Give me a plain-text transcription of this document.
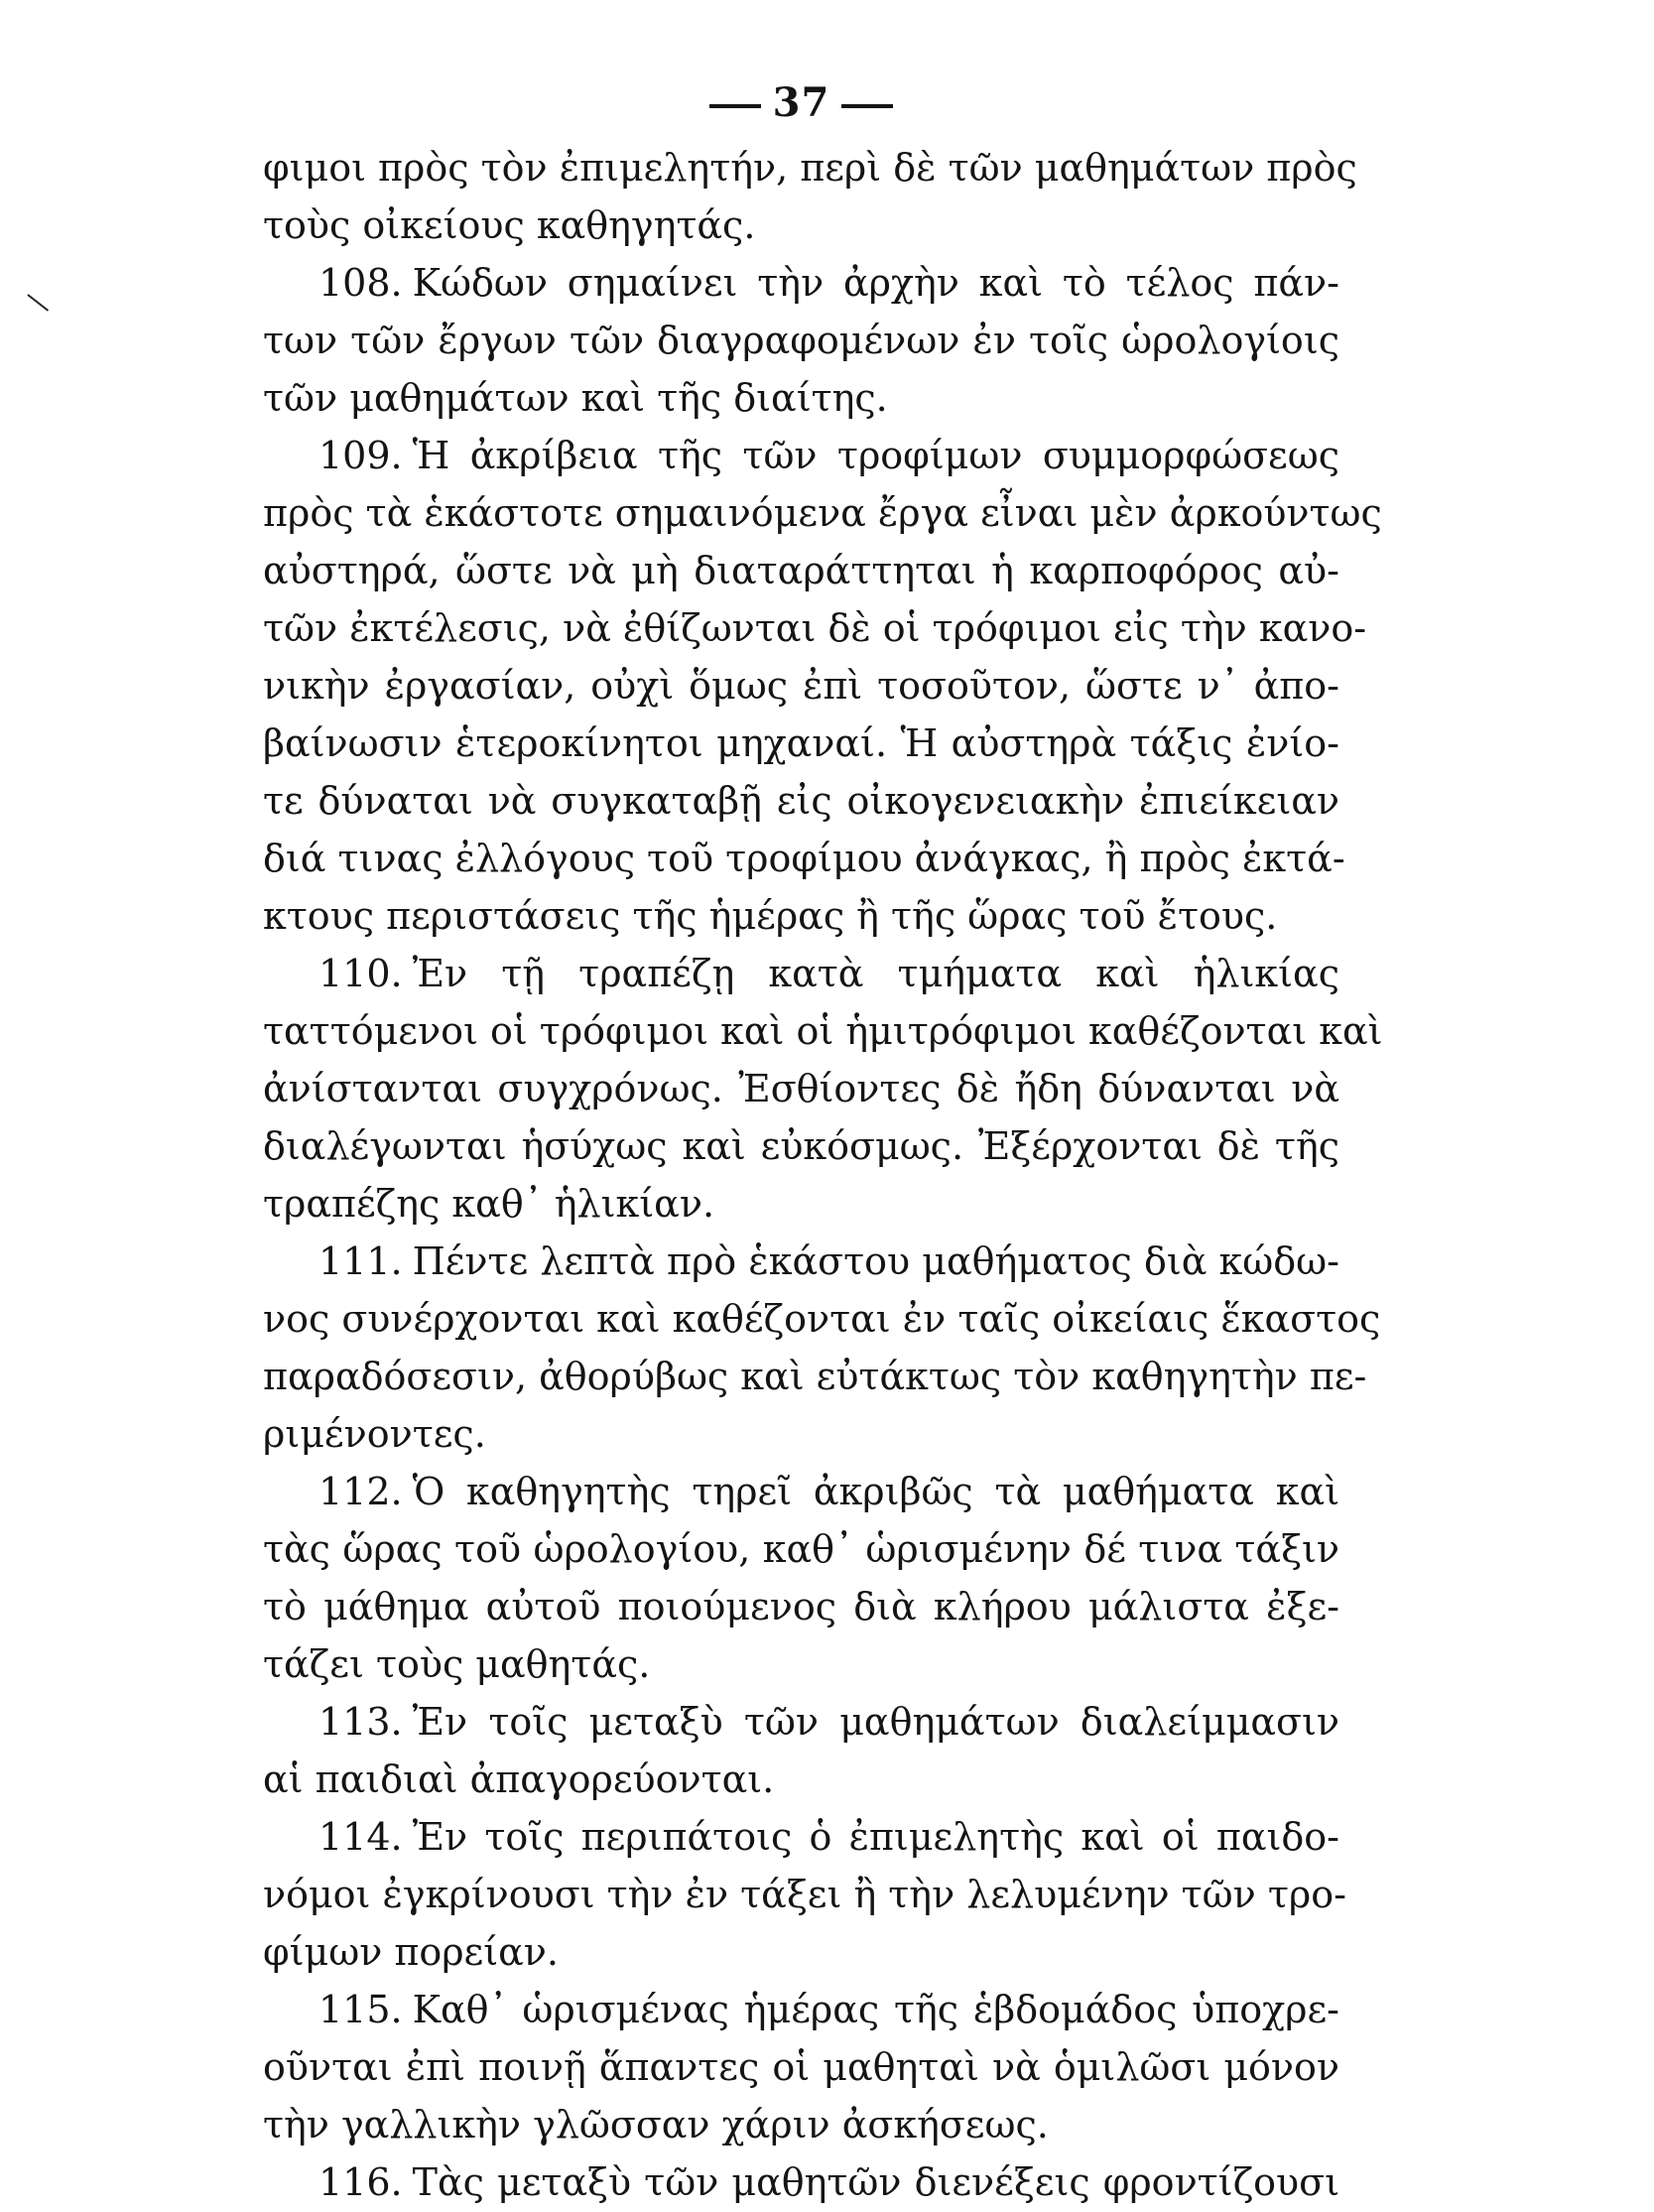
37
φιμοι πρὸς τὸν ἐπιμελητήν, περὶ δὲ τῶν μαθημάτων πρὸς
τοὺς οἰκείους καθηγητάς.
108. Κώδων σημαίνει τὴν ἀρχὴν καὶ τὸ τέλος πάν-
των τῶν ἔργων τῶν διαγραφομένων ἐν τοῖς ὡρολογίοις
τῶν μαθημάτων καὶ τῆς διαίτης.
109. Ἡ ἀκρίβεια τῆς τῶν τροφίμων συμμορφώσεως
πρὸς τὰ ἑκάστοτε σημαινόμενα ἔργα εἶναι μὲν ἀρκούντως
αὐστηρά, ὥστε νὰ μὴ διαταράττηται ἡ καρποφόρος αὐ-
τῶν ἐκτέλεσις, νὰ ἐθίζωνται δὲ οἱ τρόφιμοι εἰς τὴν κανο-
νικὴν ἐργασίαν, οὐχὶ ὅμως ἐπὶ τοσοῦτον, ὥστε ν᾽ ἀπο-
βαίνωσιν ἑτεροκίνητοι μηχαναί. Ἡ αὐστηρὰ τάξις ἐνίο-
τε δύναται νὰ συγκαταβῇ εἰς οἰκογενειακὴν ἐπιείκειαν
διά τινας ἐλλόγους τοῦ τροφίμου ἀνάγκας, ἢ πρὸς ἐκτά-
κτους περιστάσεις τῆς ἡμέρας ἢ τῆς ὥρας τοῦ ἔτους.
110. Ἐν τῇ τραπέζῃ κατὰ τμήματα καὶ ἡλικίας
ταττόμενοι οἱ τρόφιμοι καὶ οἱ ἡμιτρόφιμοι καθέζονται καὶ
ἀνίστανται συγχρόνως. Ἐσθίοντες δὲ ἤδη δύνανται νὰ
διαλέγωνται ἡσύχως καὶ εὐκόσμως. Ἐξέρχονται δὲ τῆς
τραπέζης καθ᾽ ἡλικίαν.
111. Πέντε λεπτὰ πρὸ ἑκάστου μαθήματος διὰ κώδω-
νος συνέρχονται καὶ καθέζονται ἐν ταῖς οἰκείαις ἕκαστος
παραδόσεσιν, ἀθορύβως καὶ εὐτάκτως τὸν καθηγητὴν πε-
ριμένοντες.
112. Ὁ καθηγητὴς τηρεῖ ἀκριβῶς τὰ μαθήματα καὶ
τὰς ὥρας τοῦ ὡρολογίου, καθ᾽ ὡρισμένην δέ τινα τάξιν
τὸ μάθημα αὐτοῦ ποιούμενος διὰ κλήρου μάλιστα ἐξε-
τάζει τοὺς μαθητάς.
113. Ἐν τοῖς μεταξὺ τῶν μαθημάτων διαλείμμασιν
αἱ παιδιαὶ ἀπαγορεύονται.
114. Ἐν τοῖς περιπάτοις ὁ ἐπιμελητὴς καὶ οἱ παιδο-
νόμοι ἐγκρίνουσι τὴν ἐν τάξει ἢ τὴν λελυμένην τῶν τρο-
φίμων πορείαν.
115. Καθ᾽ ὡρισμένας ἡμέρας τῆς ἑβδομάδος ὑποχρε-
οῦνται ἐπὶ ποινῇ ἅπαντες οἱ μαθηταὶ νὰ ὁμιλῶσι μόνον
τὴν γαλλικὴν γλῶσσαν χάριν ἀσκήσεως.
116. Τὰς μεταξὺ τῶν μαθητῶν διενέξεις φροντίζουσι
